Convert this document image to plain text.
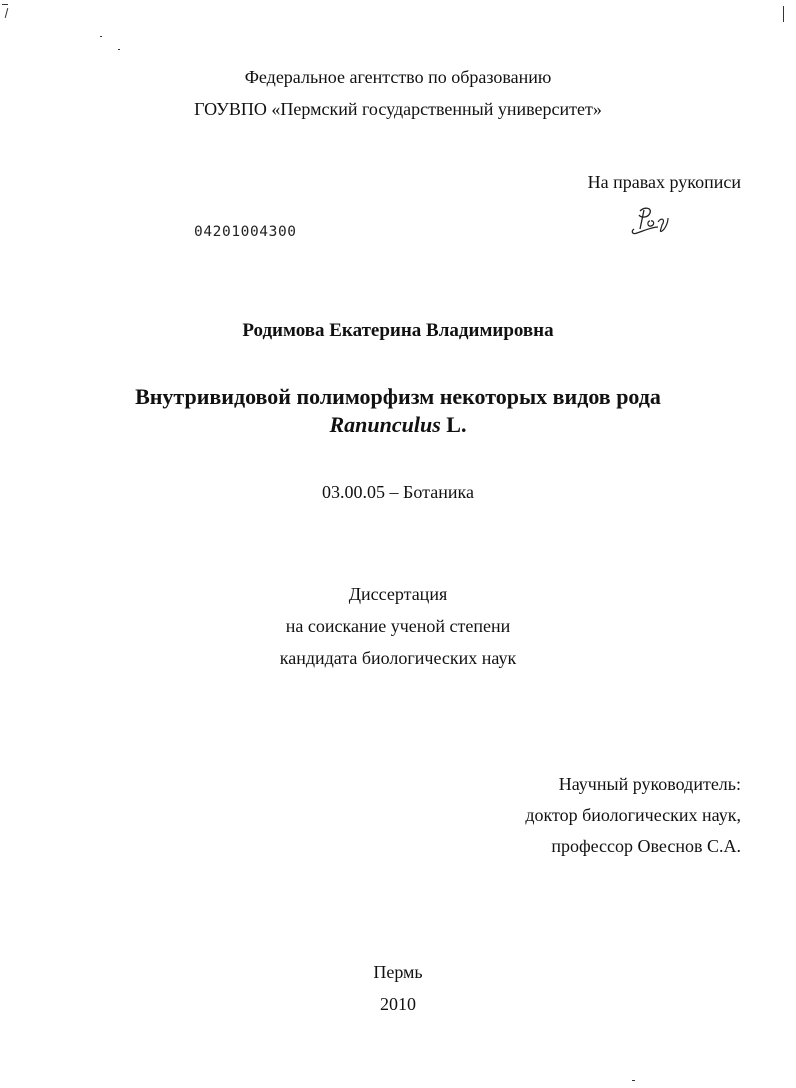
Федеральное агентство по образованию
ГОУВПО «Пермский государственный университет»
На правах рукописи
04201004300
Родимова Екатерина Владимировна
Внутривидовой полиморфизм некоторых видов рода
Ranunculus L.
03.00.05 – Ботаника
Диссертация
на соискание ученой степени
кандидата биологических наук
Научный руководитель:
доктор биологических наук,
профессор Овеснов С.А.
Пермь
2010
